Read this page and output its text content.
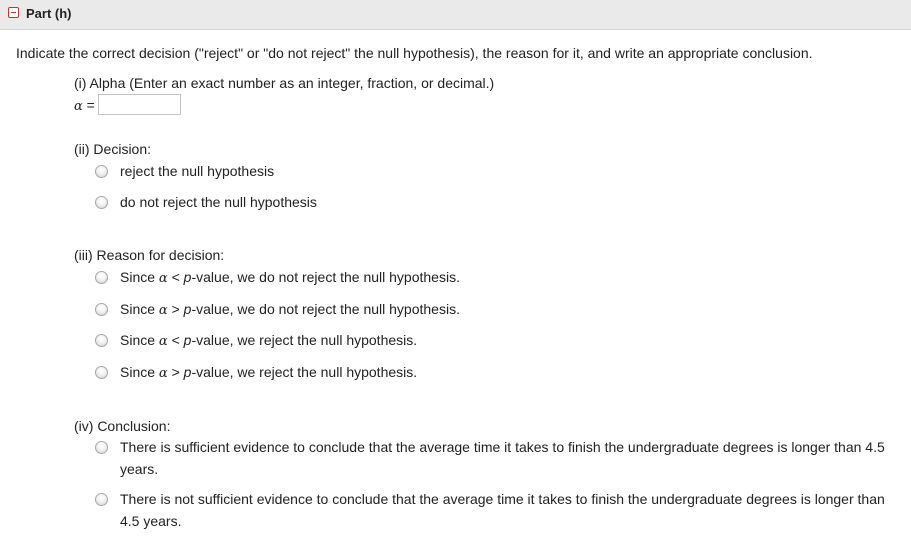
Part (h)
Indicate the correct decision ("reject" or "do not reject" the null hypothesis), the reason for it, and write an appropriate conclusion.
(i) Alpha (Enter an exact number as an integer, fraction, or decimal.)
α =
(ii) Decision:
reject the null hypothesis
do not reject the null hypothesis
(iii) Reason for decision:
Since α < p-value, we do not reject the null hypothesis.
Since α > p-value, we do not reject the null hypothesis.
Since α < p-value, we reject the null hypothesis.
Since α > p-value, we reject the null hypothesis.
(iv) Conclusion:
There is sufficient evidence to conclude that the average time it takes to finish the undergraduate degrees is longer than 4.5 years.
There is not sufficient evidence to conclude that the average time it takes to finish the undergraduate degrees is longer than 4.5 years.
